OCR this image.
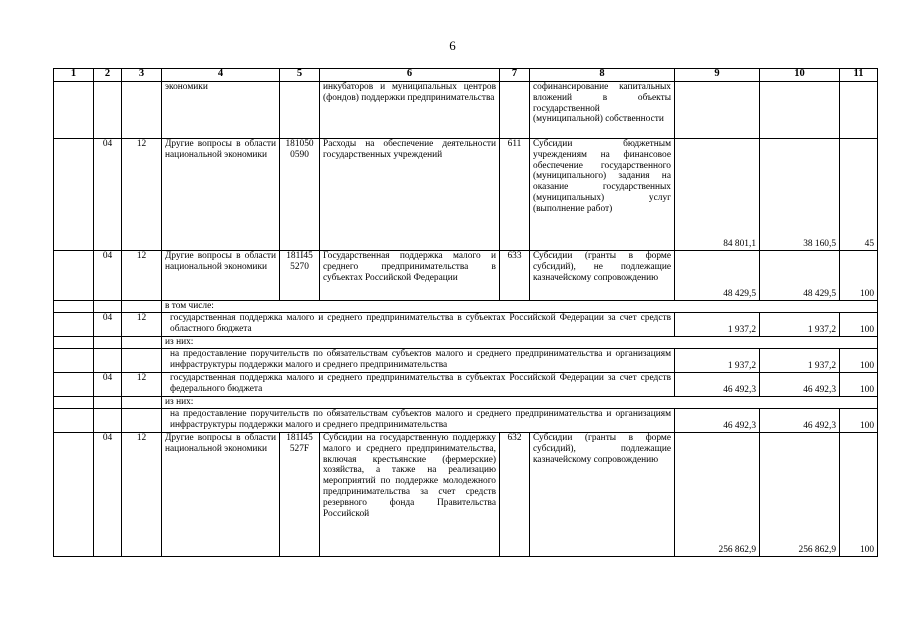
6
1	2	3	4	5	6	7	8	9	10	11
			экономики		инкубаторов и муниципальных центров (фондов) поддержки предпринимательства		софинансирование капитальных вложений в объекты государственной (муниципальной) собственности			
	04	12	Другие вопросы в области национальной экономики	181050 0590	Расходы на обеспечение деятельности государственных учреждений	611	Субсидии бюджетным учреждениям на финансовое обеспечение государственного (муниципального) задания на оказание государственных (муниципальных) услуг (выполнение работ)	84 801,1	38 160,5	45
	04	12	Другие вопросы в области национальной экономики	181I45 5270	Государственная поддержка малого и среднего предпринимательства в субъектах Российской Федерации	633	Субсидии (гранты в форме субсидий), не подлежащие казначейскому сопровождению	48 429,5	48 429,5	100
			в том числе:							
	04	12	государственная поддержка малого и среднего предпринимательства в субъектах Российской Федерации за счет средств областного бюджета					1 937,2	1 937,2	100
			из них:							
			на предоставление поручительств по обязательствам субъектов малого и среднего предпринимательства и организациям инфраструктуры поддержки малого и среднего предпринимательства					1 937,2	1 937,2	100
	04	12	государственная поддержка малого и среднего предпринимательства в субъектах Российской Федерации за счет средств федерального бюджета					46 492,3	46 492,3	100
			из них:							
			на предоставление поручительств по обязательствам субъектов малого и среднего предпринимательства и организациям инфраструктуры поддержки малого и среднего предпринимательства					46 492,3	46 492,3	100
	04	12	Другие вопросы в области национальной экономики	181I45 527F	Субсидии на государственную поддержку малого и среднего предпринимательства, включая крестьянские (фермерские) хозяйства, а также на реализацию мероприятий по поддержке молодежного предпринимательства за счет средств резервного фонда Правительства Российской	632	Субсидии (гранты в форме субсидий), подлежащие казначейскому сопровождению	256 862,9	256 862,9	100
